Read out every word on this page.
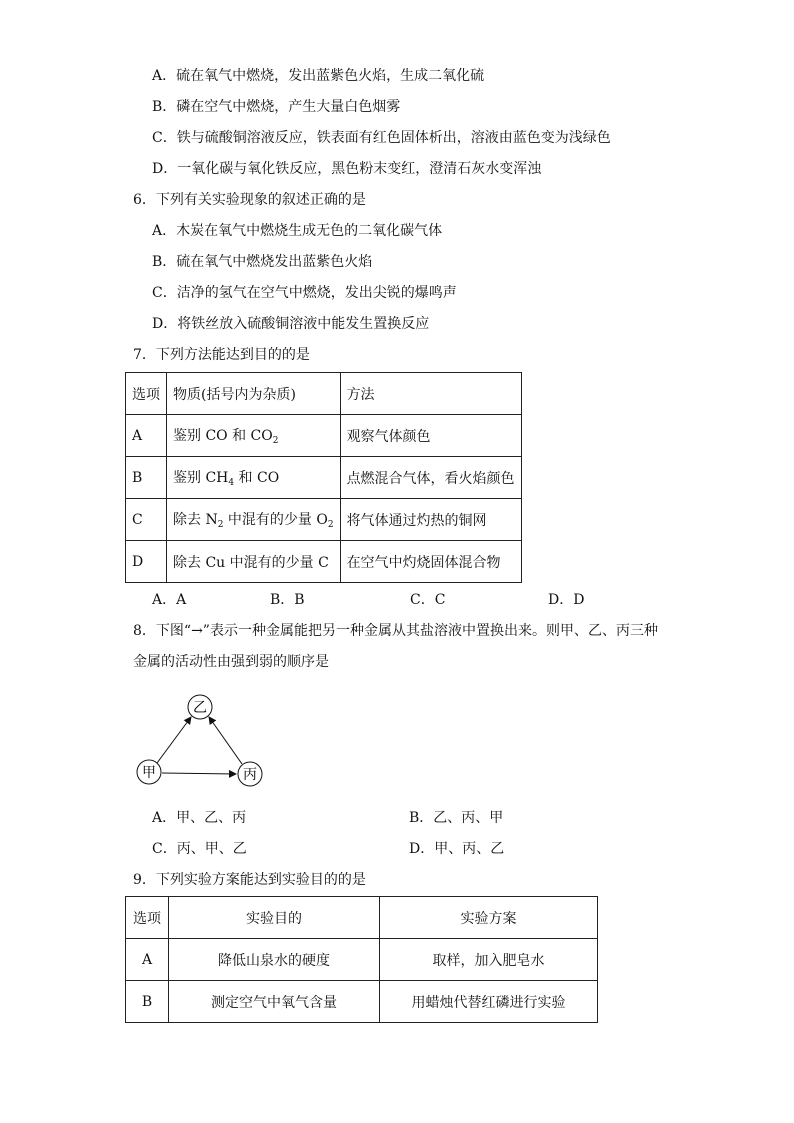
A．硫在氧气中燃烧，发出蓝紫色火焰，生成二氧化硫
B．磷在空气中燃烧，产生大量白色烟雾
C．铁与硫酸铜溶液反应，铁表面有红色固体析出，溶液由蓝色变为浅绿色
D．一氧化碳与氧化铁反应，黑色粉末变红，澄清石灰水变浑浊
6．下列有关实验现象的叙述正确的是
A．木炭在氧气中燃烧生成无色的二氧化碳气体
B．硫在氧气中燃烧发出蓝紫色火焰
C．洁净的氢气在空气中燃烧，发出尖锐的爆鸣声
D．将铁丝放入硫酸铜溶液中能发生置换反应
7．下列方法能达到目的的是
选项	物质(括号内为杂质)	方法
A	鉴别 CO 和 $CO_2$	观察气体颜色
B	鉴别 $CH_4$ 和 CO	点燃混合气体，看火焰颜色
C	除去 $N_2$ 中混有的少量 $O_2$	将气体通过灼热的铜网
D	除去 Cu 中混有的少量 C	在空气中灼烧固体混合物
A．A	B．B	C．C	D．D
8．下图“→”表示一种金属能把另一种金属从其盐溶液中置换出来。则甲、乙、丙三种
金属的活动性由强到弱的顺序是
乙
甲	丙
A．甲、乙、丙	B．乙、丙、甲
C．丙、甲、乙	D．甲、丙、乙
9．下列实验方案能达到实验目的的是
选项	实验目的	实验方案
A	降低山泉水的硬度	取样，加入肥皂水
B	测定空气中氧气含量	用蜡烛代替红磷进行实验
